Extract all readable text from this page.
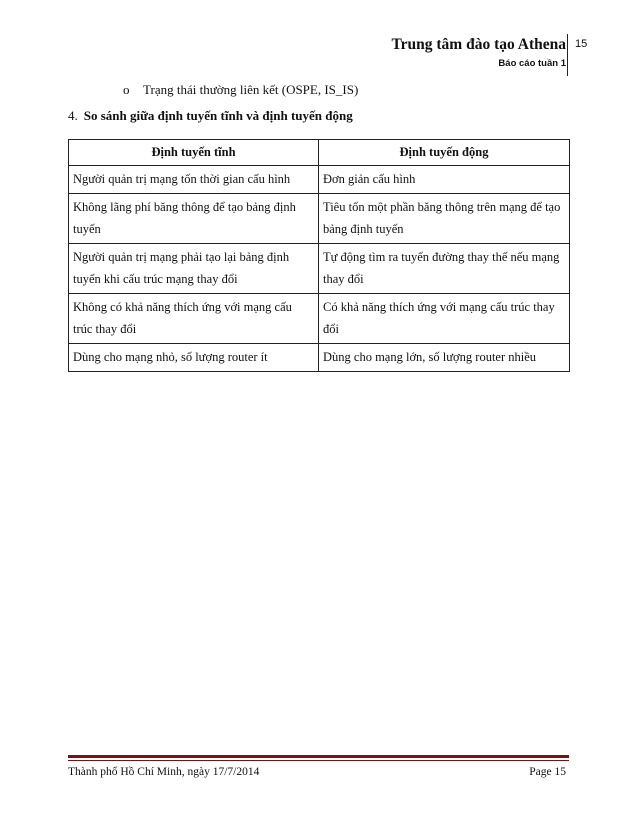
Trung tâm đào tạo Athena
Báo cáo tuần 1
15
o Trạng thái thường liên kết (OSPE, IS_IS)
4. So sánh giữa định tuyến tĩnh và định tuyến động
Định tuyến tĩnh	Định tuyến động
Người quản trị mạng tốn thời gian cấu hình	Đơn giản cấu hình
Không lãng phí băng thông để tạo bảng định tuyến	Tiêu tốn một phần băng thông trên mạng để tạo bảng định tuyến
Người quản trị mạng phải tạo lại bảng định tuyến khi cấu trúc mạng thay đổi	Tự động tìm ra tuyến đường thay thế nếu mạng thay đổi
Không có khả năng thích ứng với mạng cấu trúc thay đổi	Có khả năng thích ứng với mạng cấu trúc thay đổi
Dùng cho mạng nhỏ, số lượng router ít	Dùng cho mạng lớn, số lượng router nhiều
Thành phố Hồ Chí Minh, ngày 17/7/2014	Page 15
